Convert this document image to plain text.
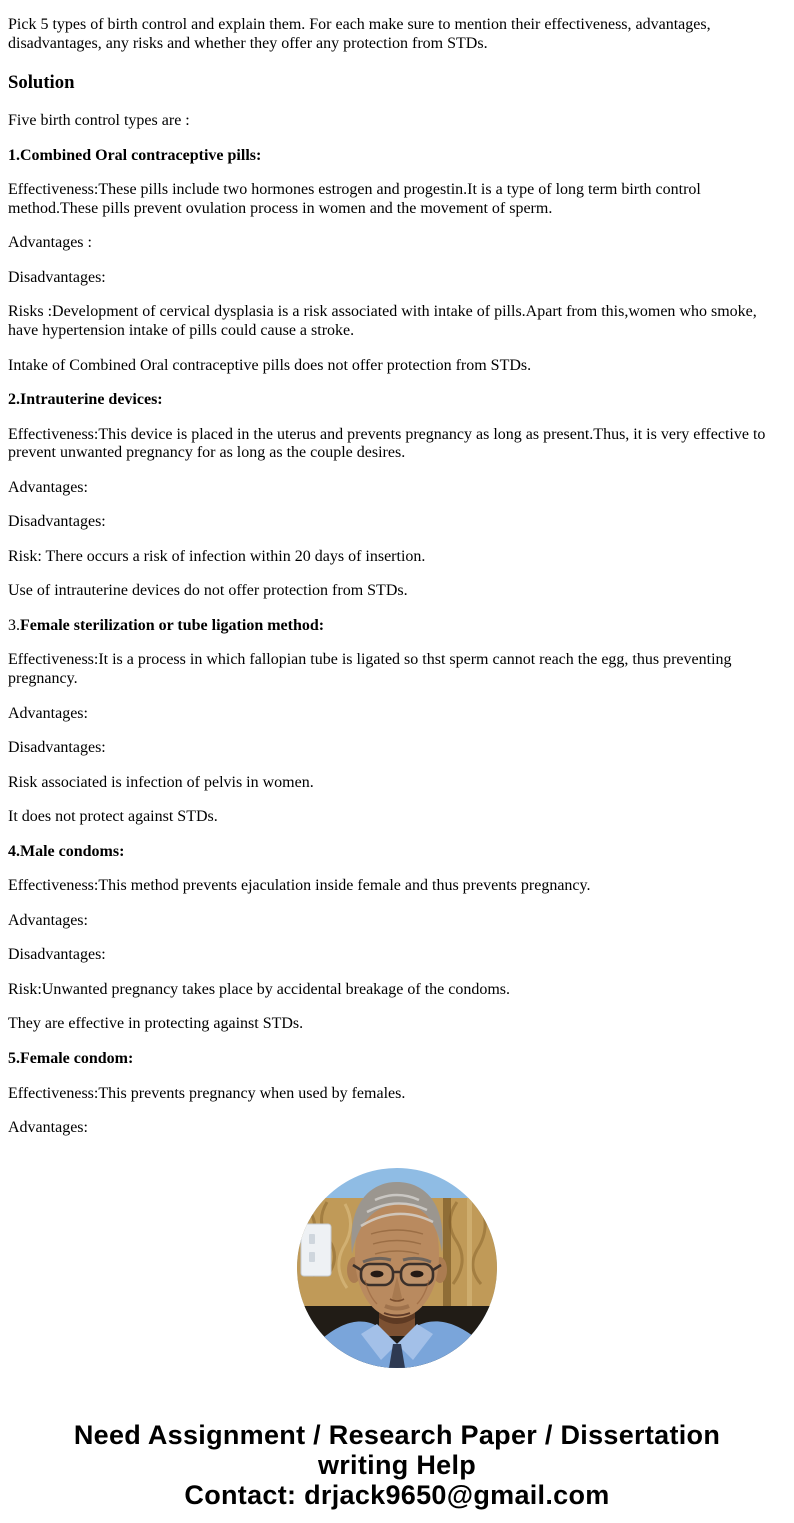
Pick 5 types of birth control and explain them. For each make sure to mention their effectiveness, advantages, disadvantages, any risks and whether they offer any protection from STDs.

Solution

Five birth control types are :

1.Combined Oral contraceptive pills:

Effectiveness:These pills include two hormones estrogen and progestin.It is a type of long term birth control method.These pills prevent ovulation process in women and the movement of sperm.

Advantages :

Disadvantages:

Risks :Development of cervical dysplasia is a risk associated with intake of pills.Apart from this,women who smoke, have hypertension intake of pills could cause a stroke.

Intake of Combined Oral contraceptive pills does not offer protection from STDs.

2.Intrauterine devices:

Effectiveness:This device is placed in the uterus and prevents pregnancy as long as present.Thus, it is very effective to prevent unwanted pregnancy for as long as the couple desires.

Advantages:

Disadvantages:

Risk: There occurs a risk of infection within 20 days of insertion.

Use of intrauterine devices do not offer protection from STDs.

3.Female sterilization or tube ligation method:

Effectiveness:It is a process in which fallopian tube is ligated so thst sperm cannot reach the egg, thus preventing pregnancy.

Advantages:

Disadvantages:

Risk associated is infection of pelvis in women.

It does not protect against STDs.

4.Male condoms:

Effectiveness:This method prevents ejaculation inside female and thus prevents pregnancy.

Advantages:

Disadvantages:

Risk:Unwanted pregnancy takes place by accidental breakage of the condoms.

They are effective in protecting against STDs.

5.Female condom:

Effectiveness:This prevents pregnancy when used by females.

Advantages:

Need Assignment / Research Paper / Dissertation
writing Help
Contact: drjack9650@gmail.com
